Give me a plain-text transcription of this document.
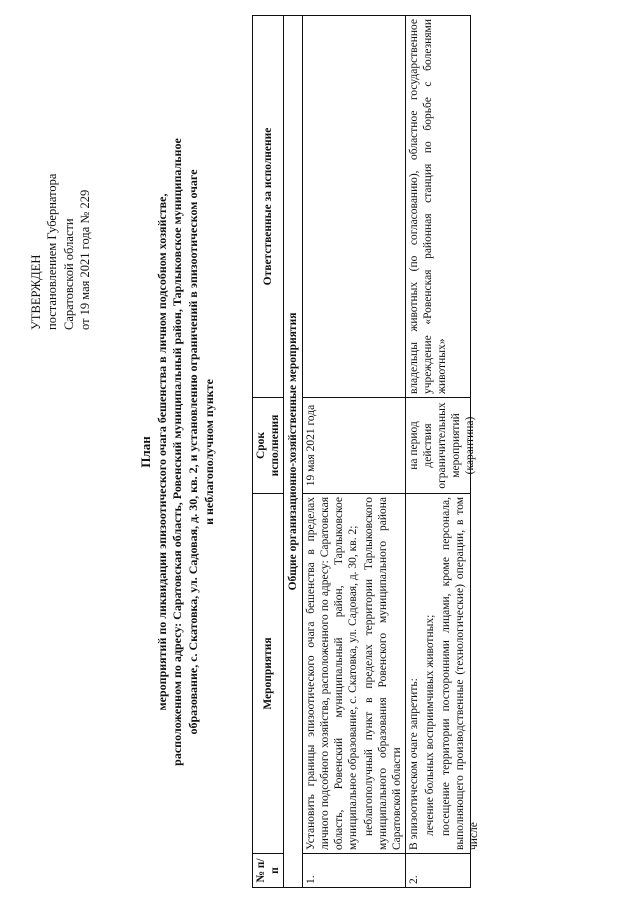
УТВЕРЖДЕН постановлением Губернатора Саратовской области от 19 мая 2021 года № 229
План мероприятий по ликвидации эпизоотического очага бешенства в личном подсобном хозяйстве, расположенном по адресу: Саратовская область, Ровенский муниципальный район, Тарлыковское муниципальное образование, с. Скатовка, ул. Садовая, д. 30, кв. 2, и установлению ограничений в эпизоотическом очаге и неблагополучном пункте
№ п/п	Мероприятия	Срок исполнения	Ответственные за исполнение
Общие организационно-хозяйственные мероприятия			
1.	Установить границы эпизоотического очага бешенства в пределах личного подсобного хозяйства, расположенного по адресу: Саратовская область, Ровенский муниципальный район, Тарлыковское муниципальное образование, с. Скатовка, ул. Садовая, д. 30, кв. 2; неблагополучный пункт в пределах территории Тарлыковского муниципального образования Ровенского муниципального района Саратовской области	19 мая 2021 года	
2.	В эпизоотическом очаге запретить: лечение больных восприимчивых животных; посещение территории посторонними лицами, кроме персонала, выполняющего производственные (технологические) операции, в том числе	на период действия ограничительных мероприятий (карантина)	владельцы животных (по согласованию), областное государственное учреждение «Ровенская районная станция по борьбе с болезнями животных»
